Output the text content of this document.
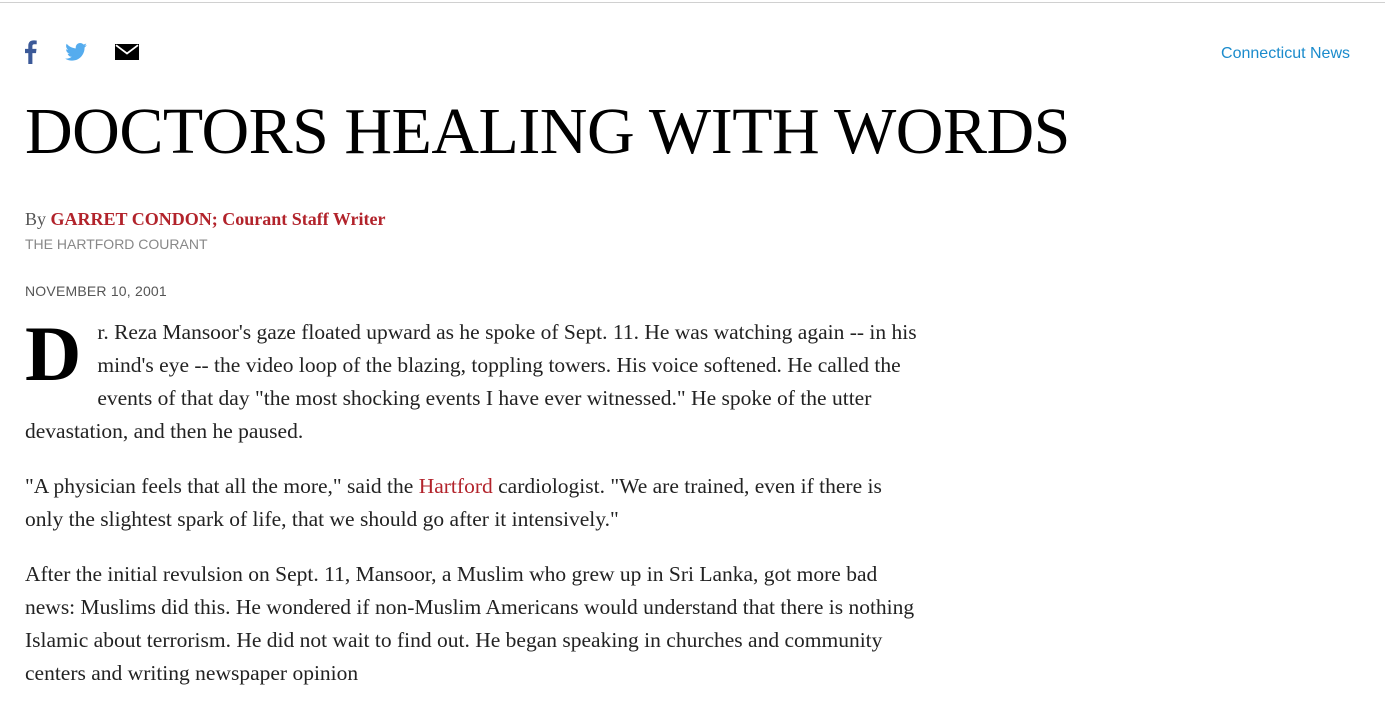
Connecticut News
DOCTORS HEALING WITH WORDS
By GARRET CONDON; Courant Staff Writer
THE HARTFORD COURANT
NOVEMBER 10, 2001

Dr. Reza Mansoor's gaze floated upward as he spoke of Sept. 11. He was watching again -- in his mind's eye -- the video loop of the blazing, toppling towers. His voice softened. He called the events of that day "the most shocking events I have ever witnessed." He spoke of the utter devastation, and then he paused.

"A physician feels that all the more," said the Hartford cardiologist. "We are trained, even if there is only the slightest spark of life, that we should go after it intensively."

After the initial revulsion on Sept. 11, Mansoor, a Muslim who grew up in Sri Lanka, got more bad news: Muslims did this. He wondered if non-Muslim Americans would understand that there is nothing Islamic about terrorism. He did not wait to find out. He began speaking in churches and community centers and writing newspaper opinion
